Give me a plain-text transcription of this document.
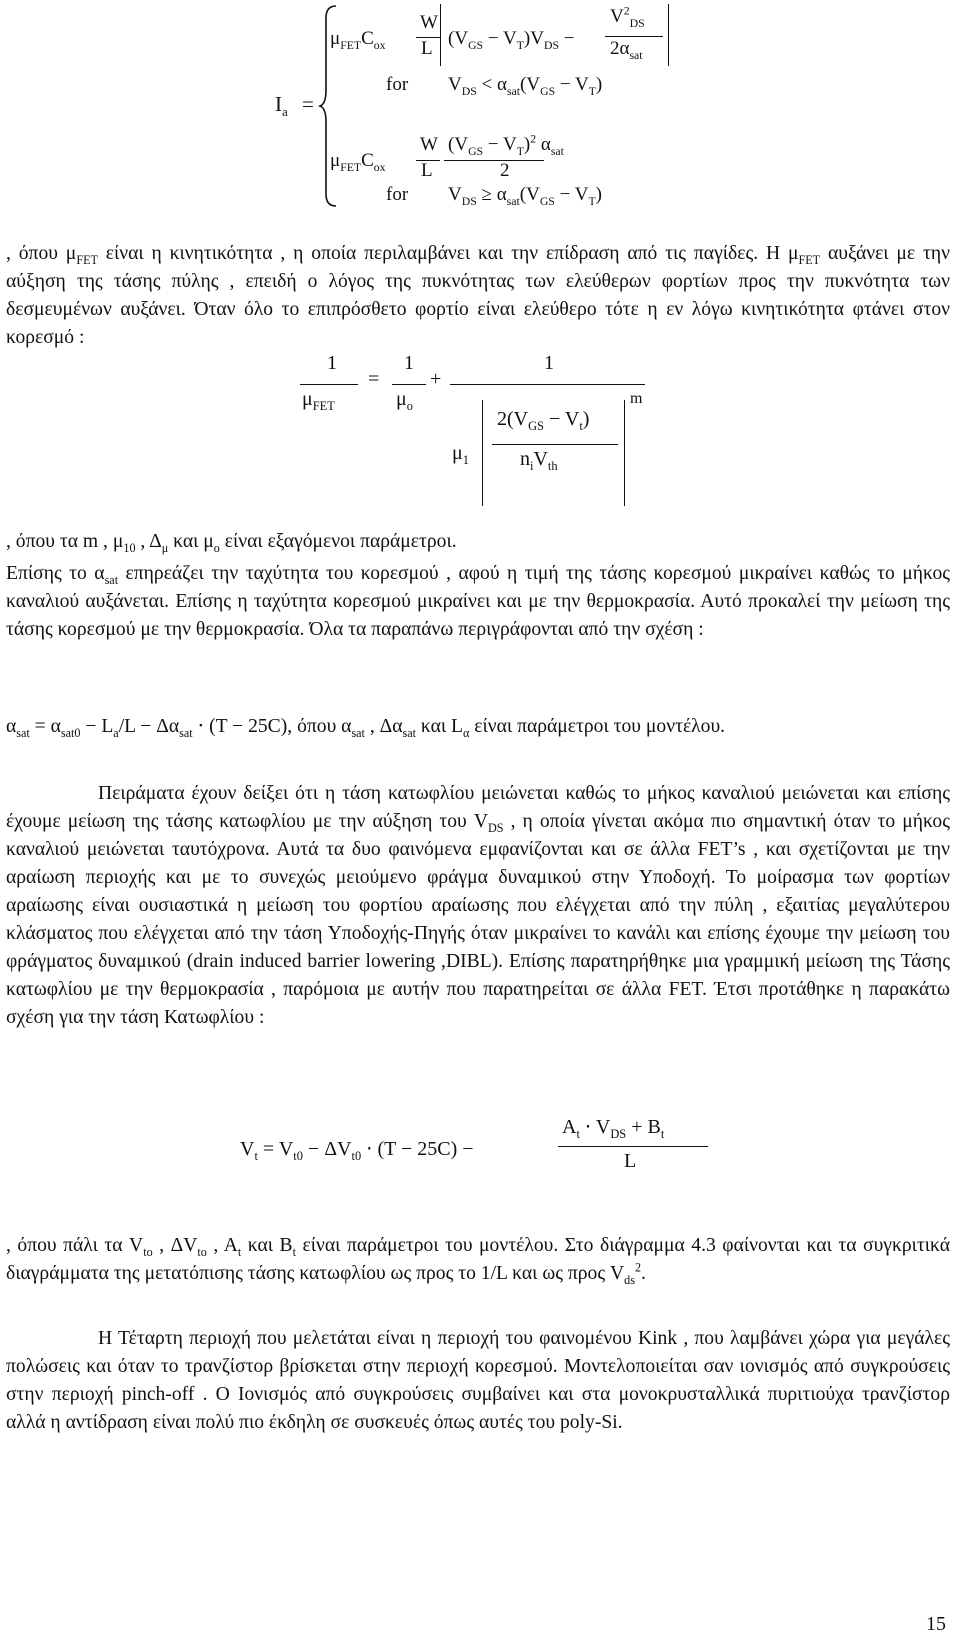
$I_a$ =
$\mu_{FET}C_{ox}$
W
L $(V_{GS} - V_T)V_{DS}$ −
$V^2_{DS}$
$2\alpha_{sat}$
for $V_{DS} < \alpha_{sat}(V_{GS} - V_T)$
$\mu_{FET}C_{ox}$
W
L
$(V_{GS} - V_T)^2$ $\alpha_{sat}$
2
for $V_{DS} \ge \alpha_{sat}(V_{GS} - V_T)$
, όπου $\mu_{FET}$ είναι η κινητικότητα , η οποία περιλαμβάνει και την επίδραση από τις παγίδες. Η $\mu_{FET}$ αυξάνει με την αύξηση της τάσης πύλης , επειδή ο λόγος της πυκνότητας των ελεύθερων φορτίων προς την πυκνότητα των δεσμευμένων αυξάνει. Όταν όλο το επιπρόσθετο φορτίο είναι ελεύθερο τότε η εν λόγω κινητικότητα φτάνει στον κορεσμό :
1
$\mu_{FET}$
=
1
$\mu_o$
+
1
$\mu_1$
$2(V_{GS} - V_t)$
$n_iV_{th}$
m
, όπου τα m , $\mu_{10}$ , $\Delta_\mu$ και $\mu_o$ είναι εξαγόμενοι παράμετροι.
Επίσης το $\alpha_{sat}$ επηρεάζει την ταχύτητα του κορεσμού , αφού η τιμή της τάσης κορεσμού μικραίνει καθώς το μήκος καναλιού αυξάνεται. Επίσης η ταχύτητα κορεσμού μικραίνει και με την θερμοκρασία. Αυτό προκαλεί την μείωση της τάσης κορεσμού με την θερμοκρασία. Όλα τα παραπάνω περιγράφονται από την σχέση :
$\alpha_{sat} = \alpha_{sat0} - L_a/L - \Delta\alpha_{sat} \cdot (T - 25C)$, όπου $\alpha_{sat}$ , $\Delta\alpha_{sat}$ και $L_\alpha$ είναι παράμετροι του μοντέλου.
Πειράματα έχουν δείξει ότι η τάση κατωφλίου μειώνεται καθώς το μήκος καναλιού μειώνεται και επίσης έχουμε μείωση της τάσης κατωφλίου με την αύξηση του $V_{DS}$ , η οποία γίνεται ακόμα πιο σημαντική όταν το μήκος καναλιού μειώνεται ταυτόχρονα. Αυτά τα δυο φαινόμενα εμφανίζονται και σε άλλα FET’s , και σχετίζονται με την αραίωση περιοχής και με το συνεχώς μειούμενο φράγμα δυναμικού στην Υποδοχή. Το μοίρασμα των φορτίων αραίωσης είναι ουσιαστικά η μείωση του φορτίου αραίωσης που ελέγχεται από την πύλη , εξαιτίας μεγαλύτερου κλάσματος που ελέγχεται από την τάση Υποδοχής-Πηγής όταν μικραίνει το κανάλι και επίσης έχουμε την μείωση του φράγματος δυναμικού (drain induced barrier lowering ,DIBL). Επίσης παρατηρήθηκε μια γραμμική μείωση της Τάσης κατωφλίου με την θερμοκρασία , παρόμοια με αυτήν που παρατηρείται σε άλλα FET. Έτσι προτάθηκε η παρακάτω σχέση για την τάση Κατωφλίου :
$V_t = V_{t0} - \Delta V_{t0} \cdot (T - 25C)$ −
$A_t \cdot V_{DS} + B_t$
L
, όπου πάλι τα $V_{to}$ , $\Delta V_{to}$ , $A_t$ και $B_t$ είναι παράμετροι του μοντέλου. Στο διάγραμμα 4.3 φαίνονται και τα συγκριτικά διαγράμματα της μετατόπισης τάσης κατωφλίου ως προς το 1/L και ως προς $V_{ds}^2$.
Η Τέταρτη περιοχή που μελετάται είναι η περιοχή του φαινομένου Kink , που λαμβάνει χώρα για μεγάλες πολώσεις και όταν το τρανζίστορ βρίσκεται στην περιοχή κορεσμού. Μοντελοποιείται σαν ιονισμός από συγκρούσεις στην περιοχή pinch-off . Ο Ιονισμός από συγκρούσεις συμβαίνει και στα μονοκρυσταλλικά πυριτιούχα τρανζίστορ αλλά η αντίδραση είναι πολύ πιο έκδηλη σε συσκευές όπως αυτές του poly-Si.
15
